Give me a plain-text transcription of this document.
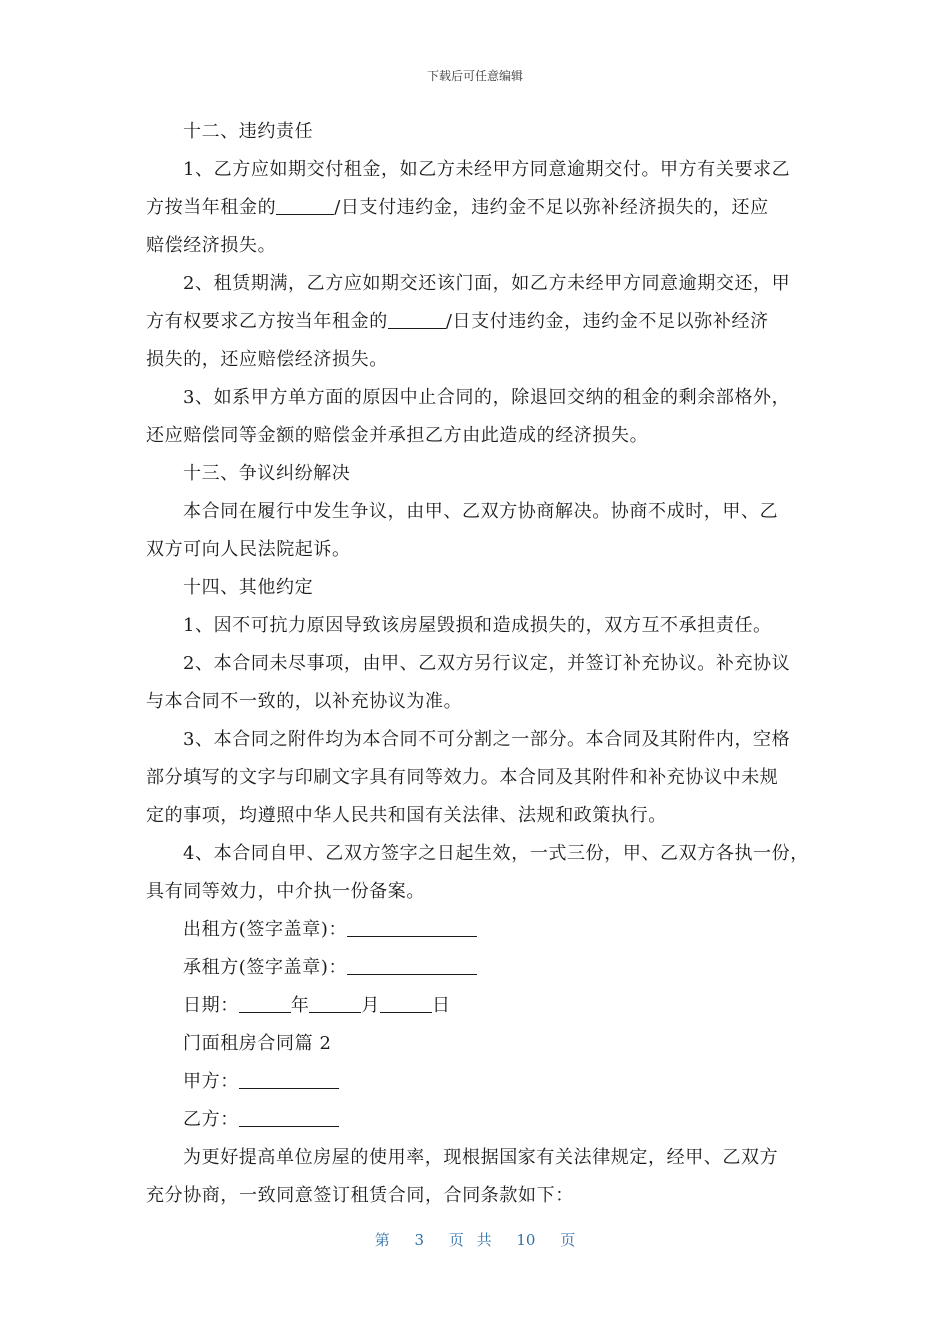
下载后可任意编辑
十二、违约责任
1、乙方应如期交付租金，如乙方未经甲方同意逾期交付。甲方有关要求乙
方按当年租金的	/日支付违约金，违约金不足以弥补经济损失的，还应
赔偿经济损失。
2、租赁期满，乙方应如期交还该门面，如乙方未经甲方同意逾期交还，甲
方有权要求乙方按当年租金的	/日支付违约金，违约金不足以弥补经济
损失的，还应赔偿经济损失。
3、如系甲方单方面的原因中止合同的，除退回交纳的租金的剩余部格外，
还应赔偿同等金额的赔偿金并承担乙方由此造成的经济损失。
十三、争议纠纷解决
本合同在履行中发生争议，由甲、乙双方协商解决。协商不成时，甲、乙
双方可向人民法院起诉。
十四、其他约定
1、因不可抗力原因导致该房屋毁损和造成损失的，双方互不承担责任。
2、本合同未尽事项，由甲、乙双方另行议定，并签订补充协议。补充协议
与本合同不一致的，以补充协议为准。
3、本合同之附件均为本合同不可分割之一部分。本合同及其附件内，空格
部分填写的文字与印刷文字具有同等效力。本合同及其附件和补充协议中未规
定的事项，均遵照中华人民共和国有关法律、法规和政策执行。
4、本合同自甲、乙双方签字之日起生效，一式三份，甲、乙双方各执一份，
具有同等效力，中介执一份备案。
出租方(签字盖章)：
承租方(签字盖章)：
日期：	年	月	日
门面租房合同篇 2
甲方：
乙方：
为更好提高单位房屋的使用率，现根据国家有关法律规定，经甲、乙双方
充分协商，一致同意签订租赁合同，合同条款如下：
第 3 页 共 10 页
